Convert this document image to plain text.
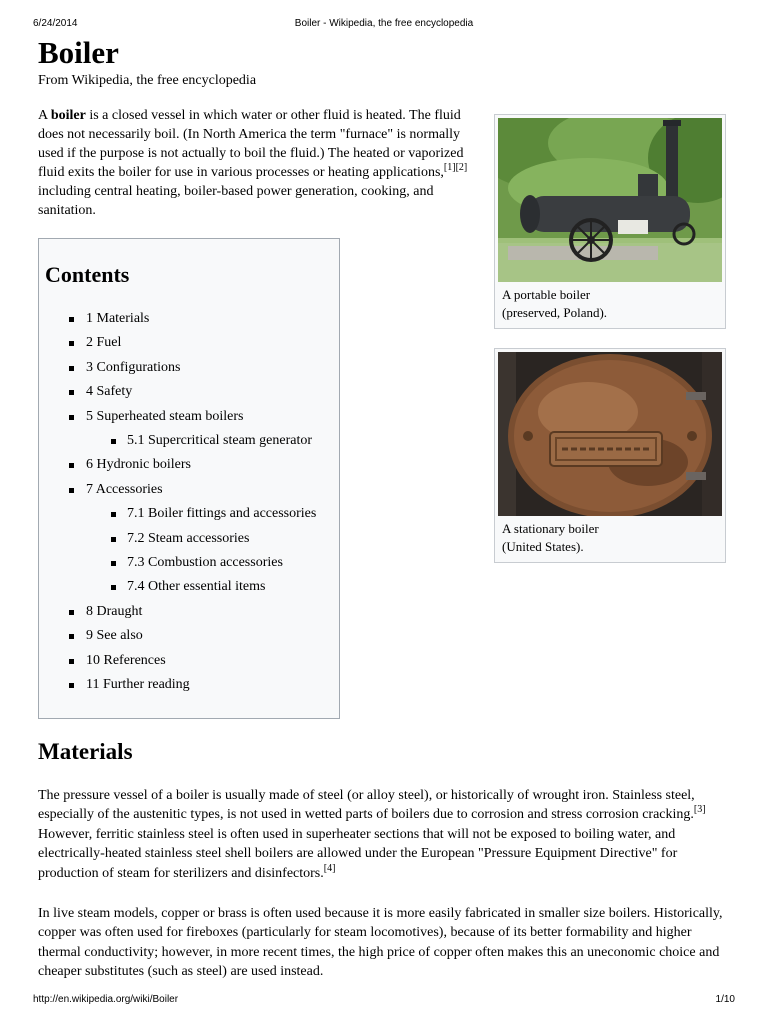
6/24/2014	Boiler - Wikipedia, the free encyclopedia
Boiler
From Wikipedia, the free encyclopedia
A boiler is a closed vessel in which water or other fluid is heated. The fluid does not necessarily boil. (In North America the term "furnace" is normally used if the purpose is not actually to boil the fluid.) The heated or vaporized fluid exits the boiler for use in various processes or heating applications,[1][2] including central heating, boiler-based power generation, cooking, and sanitation.
A portable boiler
(preserved, Poland).
A stationary boiler
(United States).
Contents
1 Materials
2 Fuel
3 Configurations
4 Safety
5 Superheated steam boilers
5.1 Supercritical steam generator
6 Hydronic boilers
7 Accessories
7.1 Boiler fittings and accessories
7.2 Steam accessories
7.3 Combustion accessories
7.4 Other essential items
8 Draught
9 See also
10 References
11 Further reading
Materials
The pressure vessel of a boiler is usually made of steel (or alloy steel), or historically of wrought iron. Stainless steel, especially of the austenitic types, is not used in wetted parts of boilers due to corrosion and stress corrosion cracking.[3] However, ferritic stainless steel is often used in superheater sections that will not be exposed to boiling water, and electrically-heated stainless steel shell boilers are allowed under the European "Pressure Equipment Directive" for production of steam for sterilizers and disinfectors.[4]
In live steam models, copper or brass is often used because it is more easily fabricated in smaller size boilers. Historically, copper was often used for fireboxes (particularly for steam locomotives), because of its better formability and higher thermal conductivity; however, in more recent times, the high price of copper often makes this an uneconomic choice and cheaper substitutes (such as steel) are used instead.
http://en.wikipedia.org/wiki/Boiler	1/10
